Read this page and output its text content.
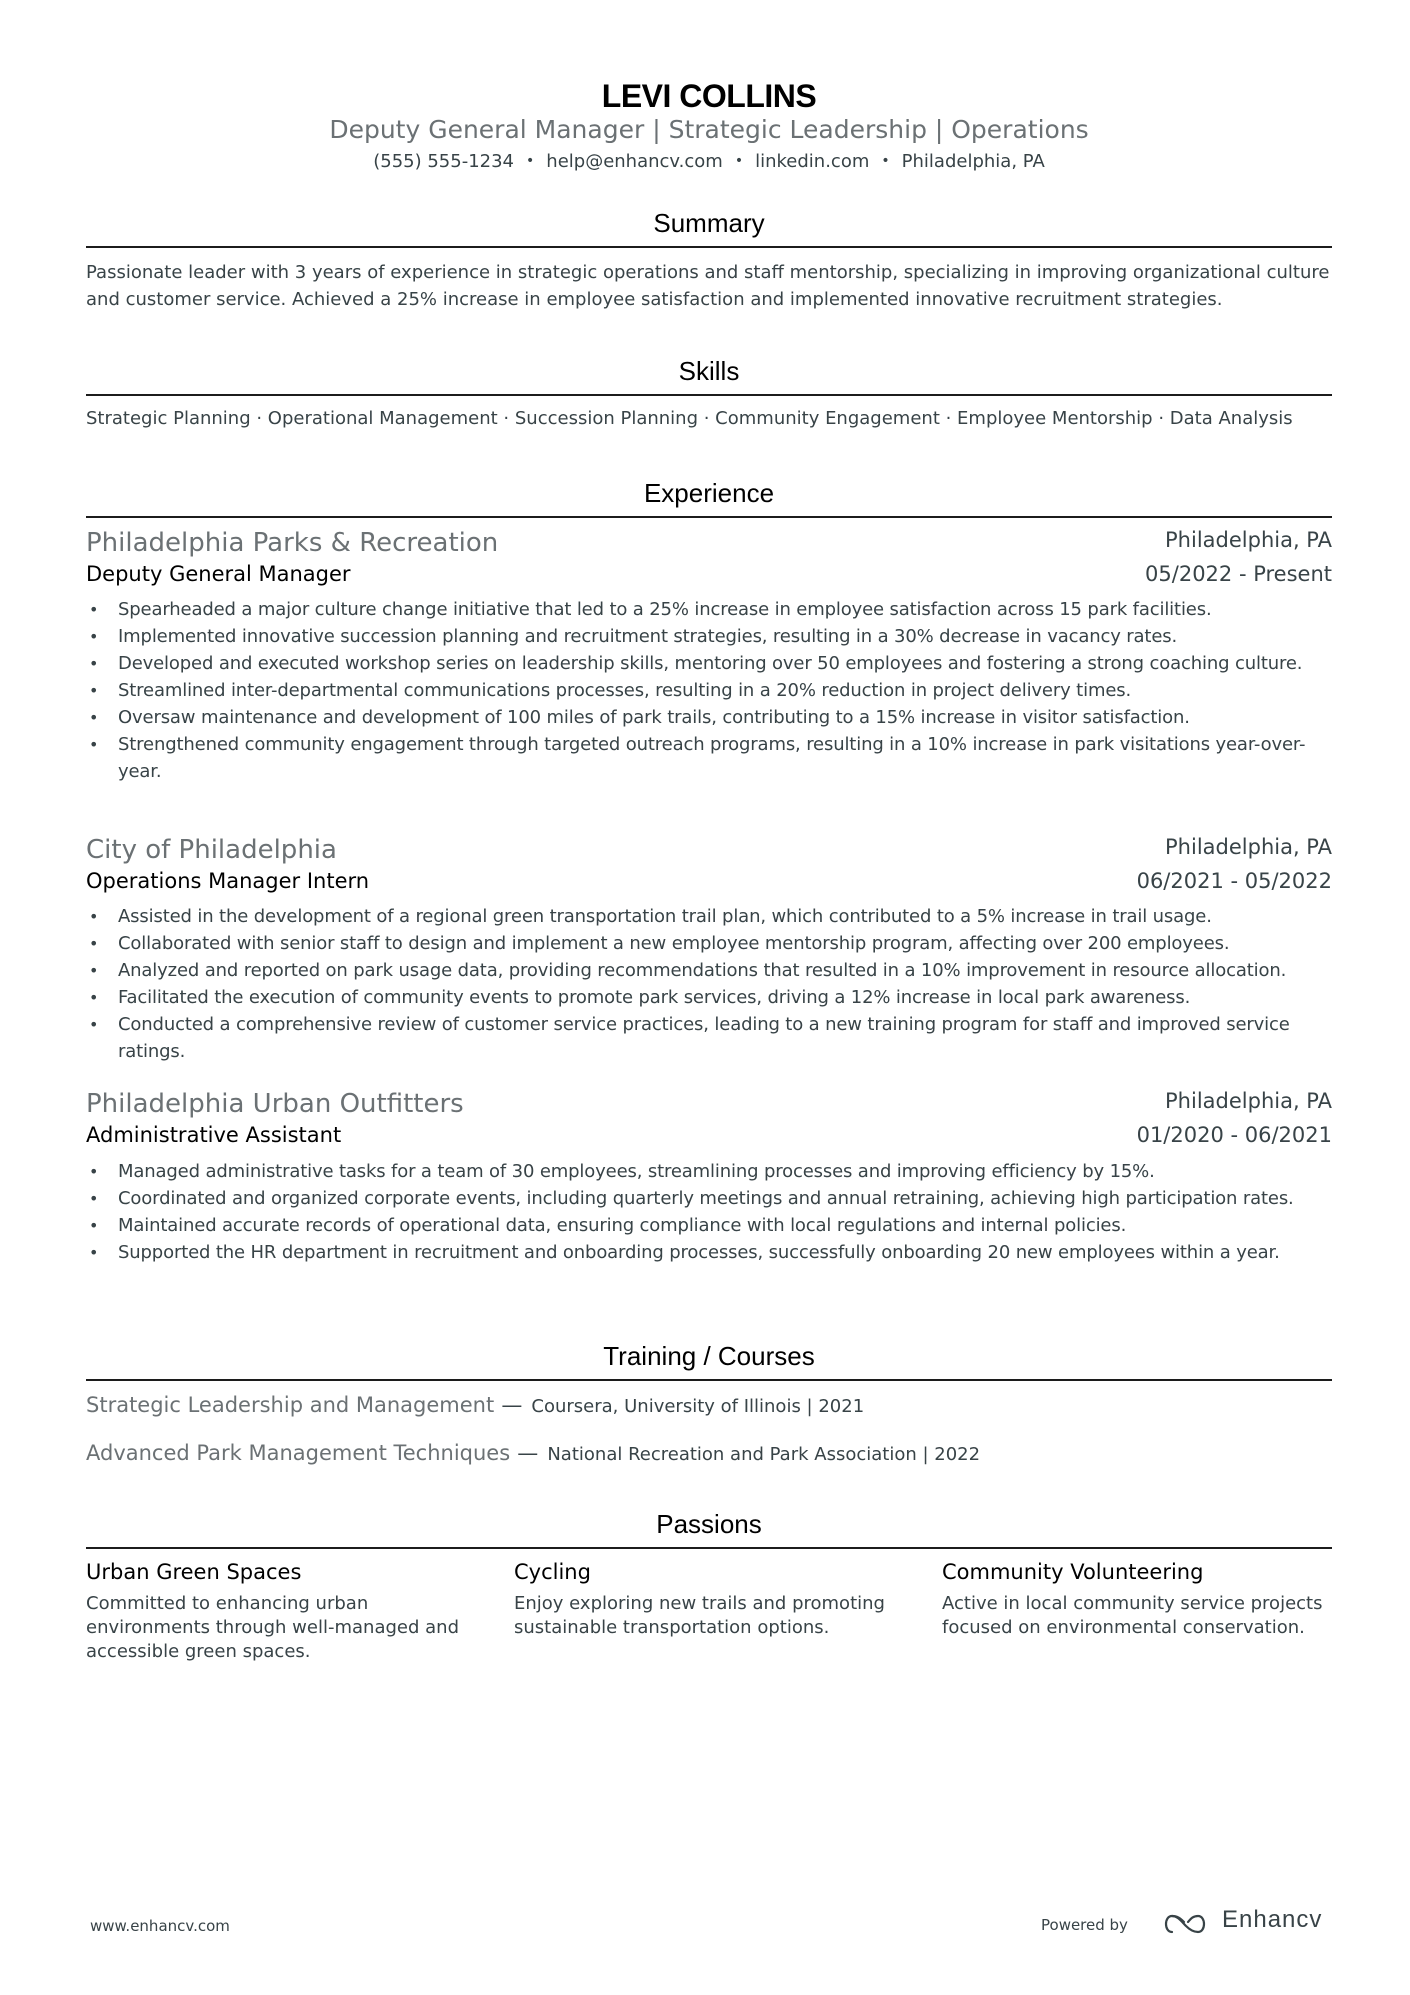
LEVI COLLINS
Deputy General Manager | Strategic Leadership | Operations
(555) 555-1234 • help@enhancv.com • linkedin.com • Philadelphia, PA
Summary
Passionate leader with 3 years of experience in strategic operations and staff mentorship, specializing in improving organizational culture and customer service. Achieved a 25% increase in employee satisfaction and implemented innovative recruitment strategies.
Skills
Strategic Planning · Operational Management · Succession Planning · Community Engagement · Employee Mentorship · Data Analysis
Experience
Philadelphia Parks & Recreation	Philadelphia, PA
Deputy General Manager	05/2022 - Present
• Spearheaded a major culture change initiative that led to a 25% increase in employee satisfaction across 15 park facilities.
• Implemented innovative succession planning and recruitment strategies, resulting in a 30% decrease in vacancy rates.
• Developed and executed workshop series on leadership skills, mentoring over 50 employees and fostering a strong coaching culture.
• Streamlined inter-departmental communications processes, resulting in a 20% reduction in project delivery times.
• Oversaw maintenance and development of 100 miles of park trails, contributing to a 15% increase in visitor satisfaction.
• Strengthened community engagement through targeted outreach programs, resulting in a 10% increase in park visitations year-over-year.
City of Philadelphia	Philadelphia, PA
Operations Manager Intern	06/2021 - 05/2022
• Assisted in the development of a regional green transportation trail plan, which contributed to a 5% increase in trail usage.
• Collaborated with senior staff to design and implement a new employee mentorship program, affecting over 200 employees.
• Analyzed and reported on park usage data, providing recommendations that resulted in a 10% improvement in resource allocation.
• Facilitated the execution of community events to promote park services, driving a 12% increase in local park awareness.
• Conducted a comprehensive review of customer service practices, leading to a new training program for staff and improved service ratings.
Philadelphia Urban Outfitters	Philadelphia, PA
Administrative Assistant	01/2020 - 06/2021
• Managed administrative tasks for a team of 30 employees, streamlining processes and improving efficiency by 15%.
• Coordinated and organized corporate events, including quarterly meetings and annual retraining, achieving high participation rates.
• Maintained accurate records of operational data, ensuring compliance with local regulations and internal policies.
• Supported the HR department in recruitment and onboarding processes, successfully onboarding 20 new employees within a year.
Training / Courses
Strategic Leadership and Management — Coursera, University of Illinois | 2021
Advanced Park Management Techniques — National Recreation and Park Association | 2022
Passions
Urban Green Spaces
Committed to enhancing urban environments through well-managed and accessible green spaces.
Cycling
Enjoy exploring new trails and promoting sustainable transportation options.
Community Volunteering
Active in local community service projects focused on environmental conservation.
www.enhancv.com	Powered by	Enhancv
